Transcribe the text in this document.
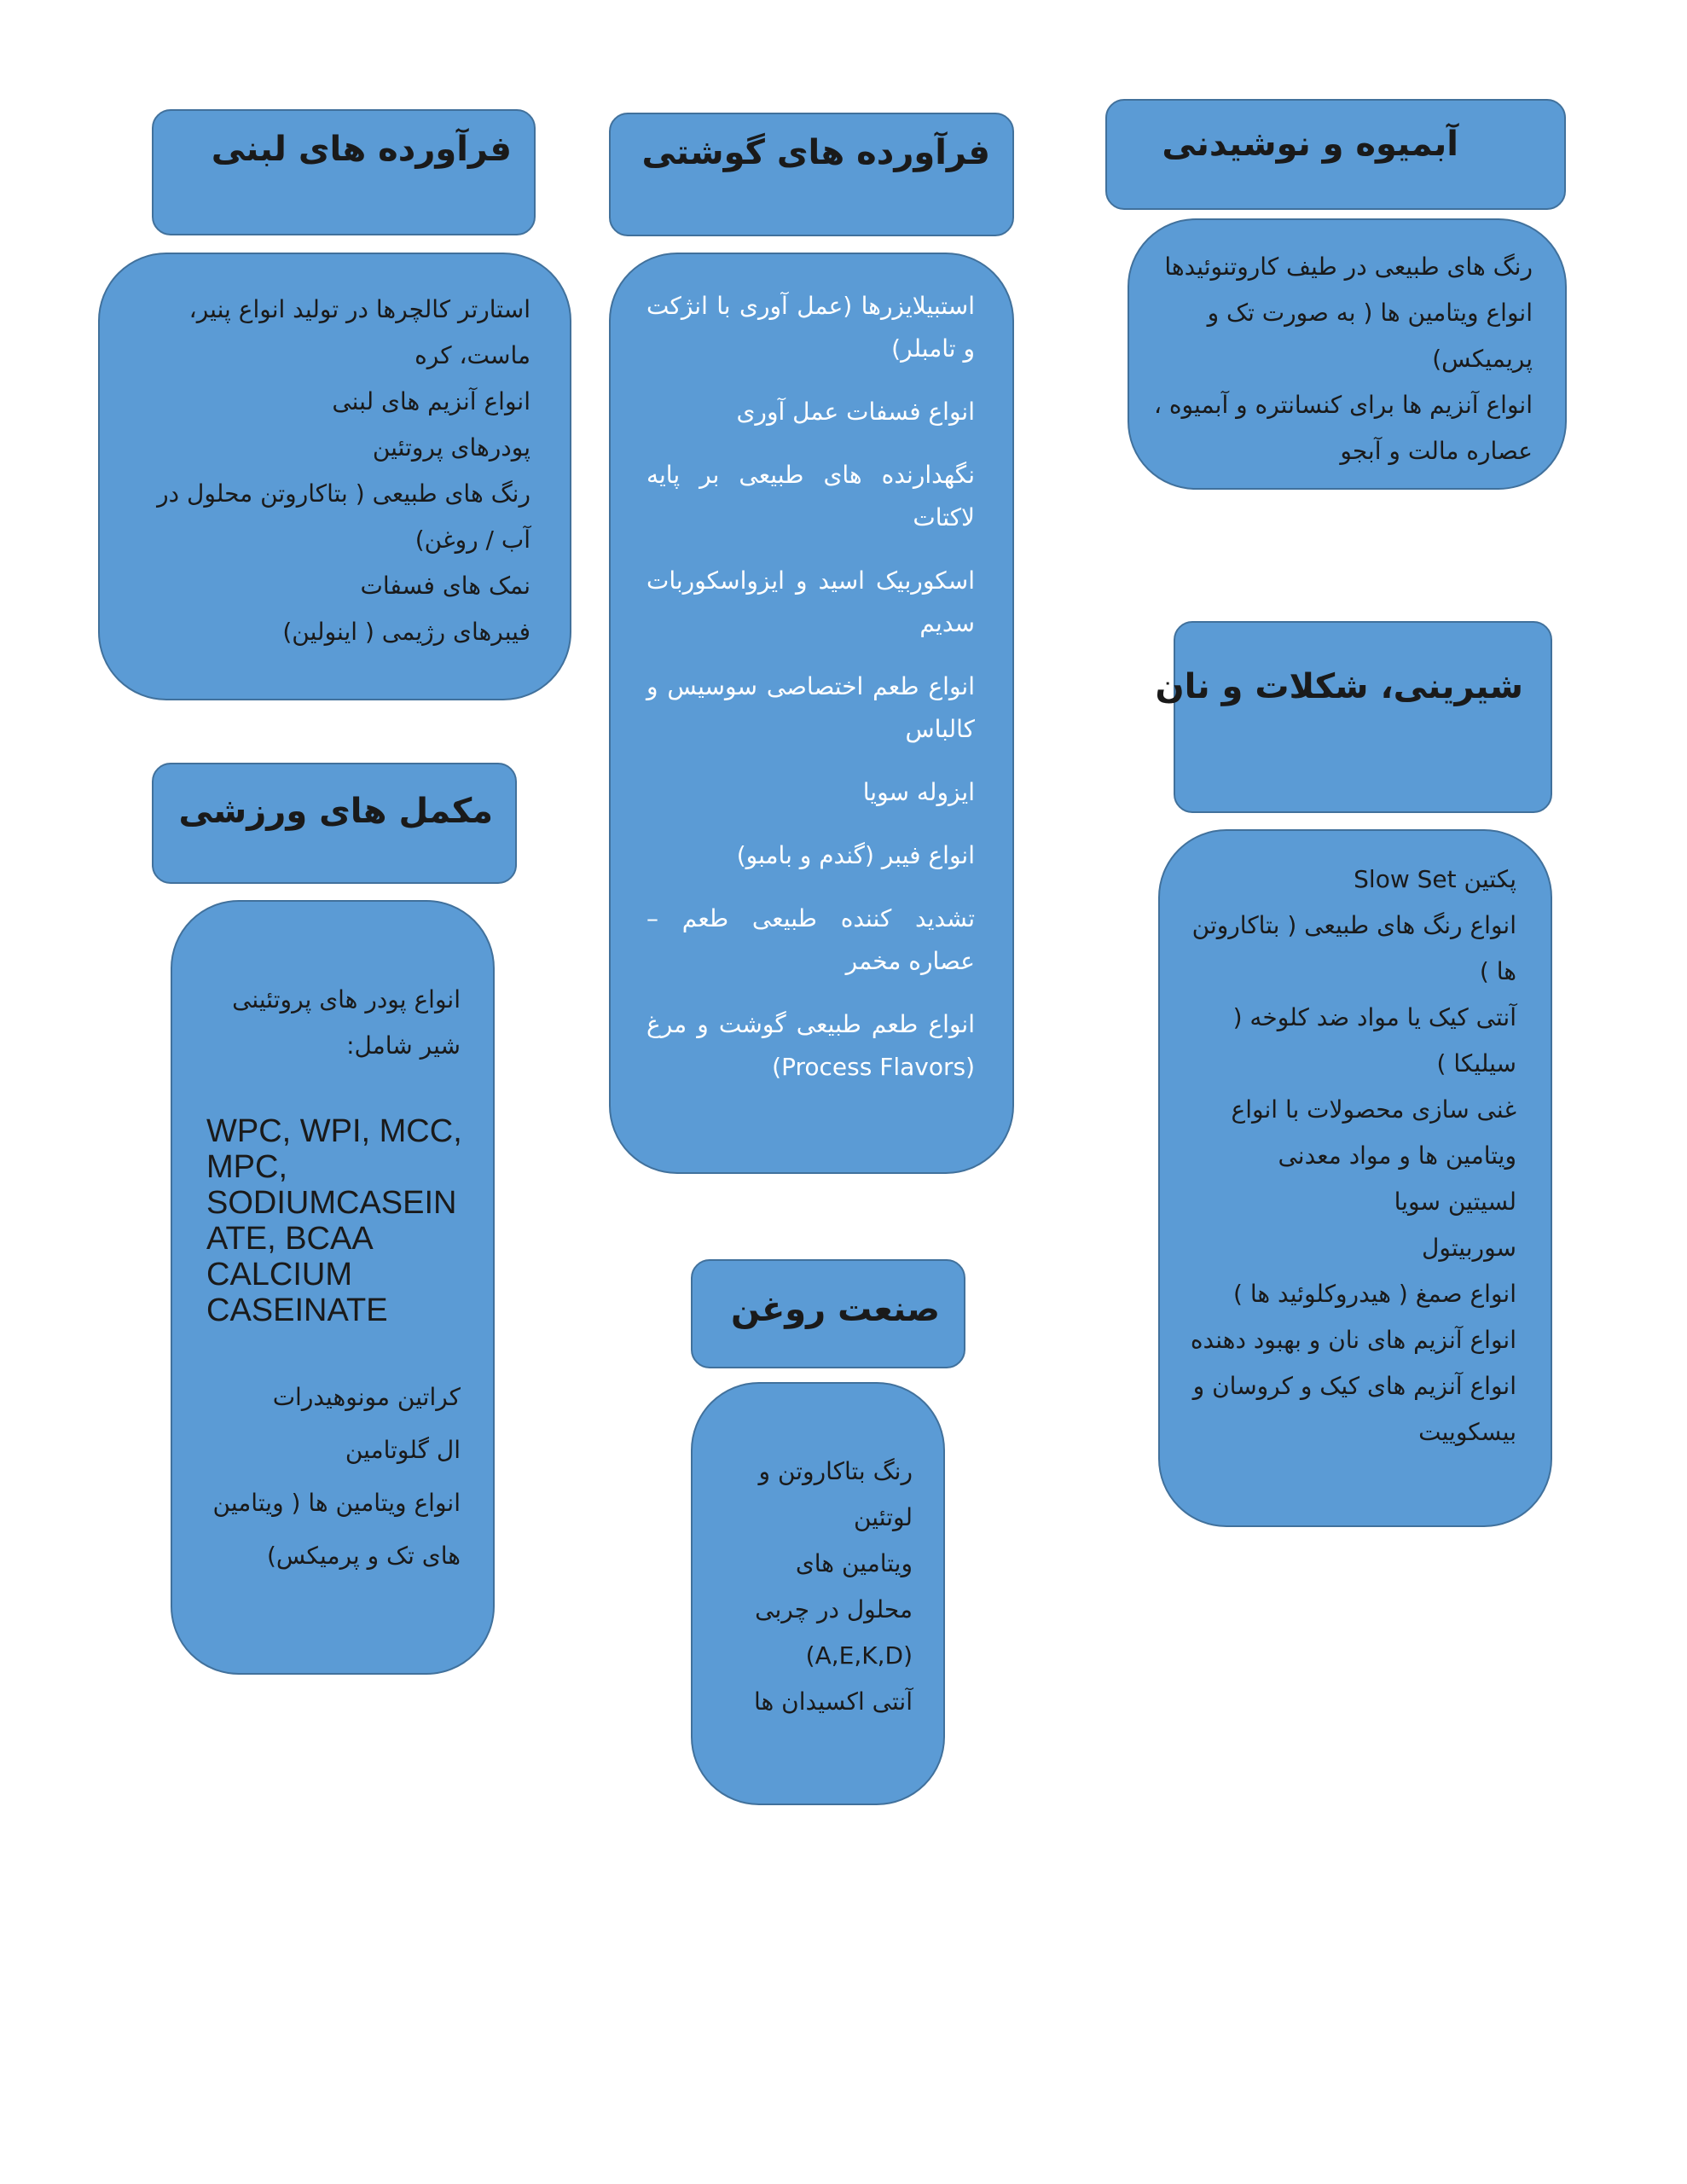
فرآورده های لبنی
استارتر کالچرها در تولید انواع پنیر، ماست، کره
انواع آنزیم های لبنی
پودرهای پروتئین
رنگ های طبیعی ( بتاکاروتن محلول در آب / روغن)
نمک های فسفات
فیبرهای رژیمی ( اینولین)
فرآورده های گوشتی
استبیلایزرها (عمل آوری با انژکت و تامبلر)
انواع فسفات عمل آوری
نگهدارنده های طبیعی بر پایه لاکتات
اسکوربیک اسید و ایزواسکوربات سدیم
انواع طعم اختصاصی سوسیس و کالباس
ایزوله سویا
انواع فیبر (گندم و بامبو)
تشدید کننده طبیعی طعم – عصاره مخمر
انواع طعم طبیعی گوشت و مرغ (Process Flavors)
آبمیوه و نوشیدنی
رنگ های طبیعی در طیف کاروتنوئیدها
انواع ویتامین ها ( به صورت تک و پریمیکس)
انواع آنزیم ها برای کنسانتره و آبمیوه ، عصاره مالت و آبجو
شیرینی، شکلات و نان
پکتین Slow Set
انواع رنگ های طبیعی ( بتاکاروتن ها )
آنتی کیک یا مواد ضد کلوخه ( سیلیکا )
غنی سازی محصولات با انواع ویتامین ها و مواد معدنی
لسیتین سویا
سوربیتول
انواع صمغ ( هیدروکلوئید ها )
انواع آنزیم های نان و بهبود دهنده
انواع آنزیم های کیک و کروسان و بیسکوییت
مکمل های ورزشی
انواع پودر های پروتئینی شیر شامل:
WPC, WPI, MCC,
MPC,
SODIUMCASEIN
ATE, BCAA
CALCIUM
CASEINATE
کراتین مونوهیدرات
ال گلوتامین
انواع ویتامین ها ( ویتامین های تک و پرمیکس)
صنعت روغن
رنگ بتاکاروتن و لوتئین
ویتامین های محلول در چربی (A,E,K,D)
آنتی اکسیدان ها
